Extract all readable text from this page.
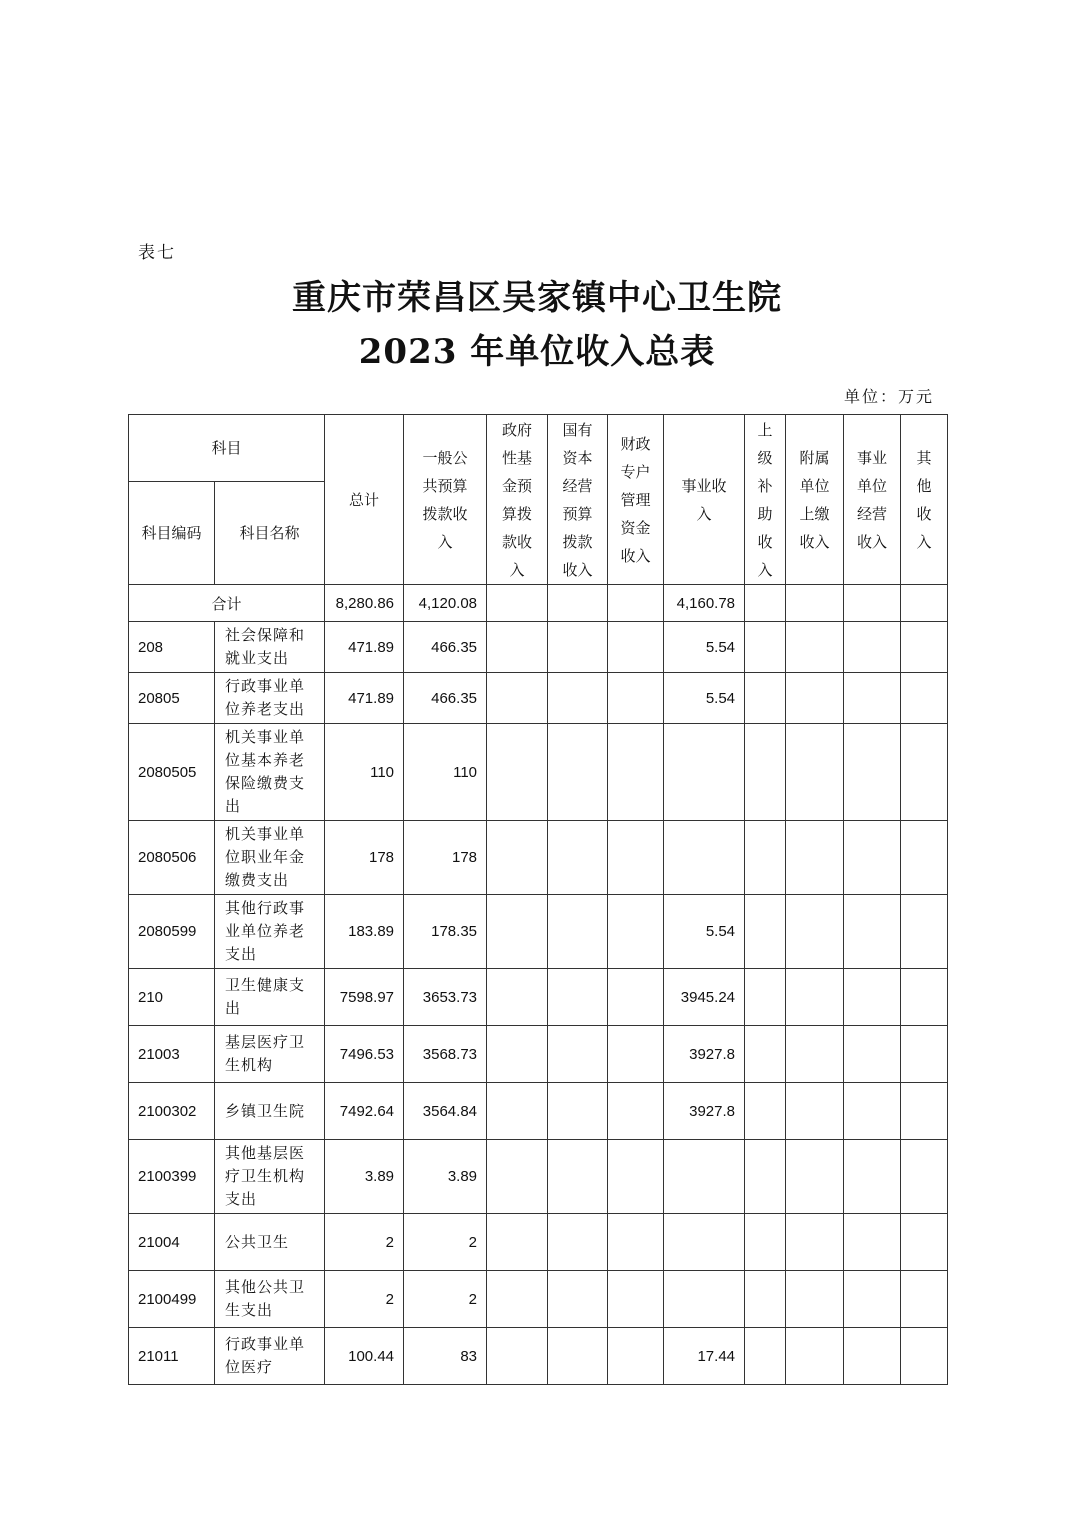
表七
重庆市荣昌区吴家镇中心卫生院
2023 年单位收入总表
单位：万元
科目		总计	一般公共预算拨款收入	政府性基金预算拨款收入	国有资本经营预算拨款收入	财政专户管理资金收入	事业收入	上级补助收入	附属单位上缴收入	事业单位经营收入	其他收入
科目编码	科目名称										
合计		8,280.86	4,120.08				4,160.78				
208	社会保障和就业支出	471.89	466.35				5.54				
20805	行政事业单位养老支出	471.89	466.35				5.54				
2080505	机关事业单位基本养老保险缴费支出	110	110								
2080506	机关事业单位职业年金缴费支出	178	178								
2080599	其他行政事业单位养老支出	183.89	178.35				5.54				
210	卫生健康支出	7598.97	3653.73				3945.24				
21003	基层医疗卫生机构	7496.53	3568.73				3927.8				
2100302	乡镇卫生院	7492.64	3564.84				3927.8				
2100399	其他基层医疗卫生机构支出	3.89	3.89								
21004	公共卫生	2	2								
2100499	其他公共卫生支出	2	2								
21011	行政事业单位医疗	100.44	83				17.44				
